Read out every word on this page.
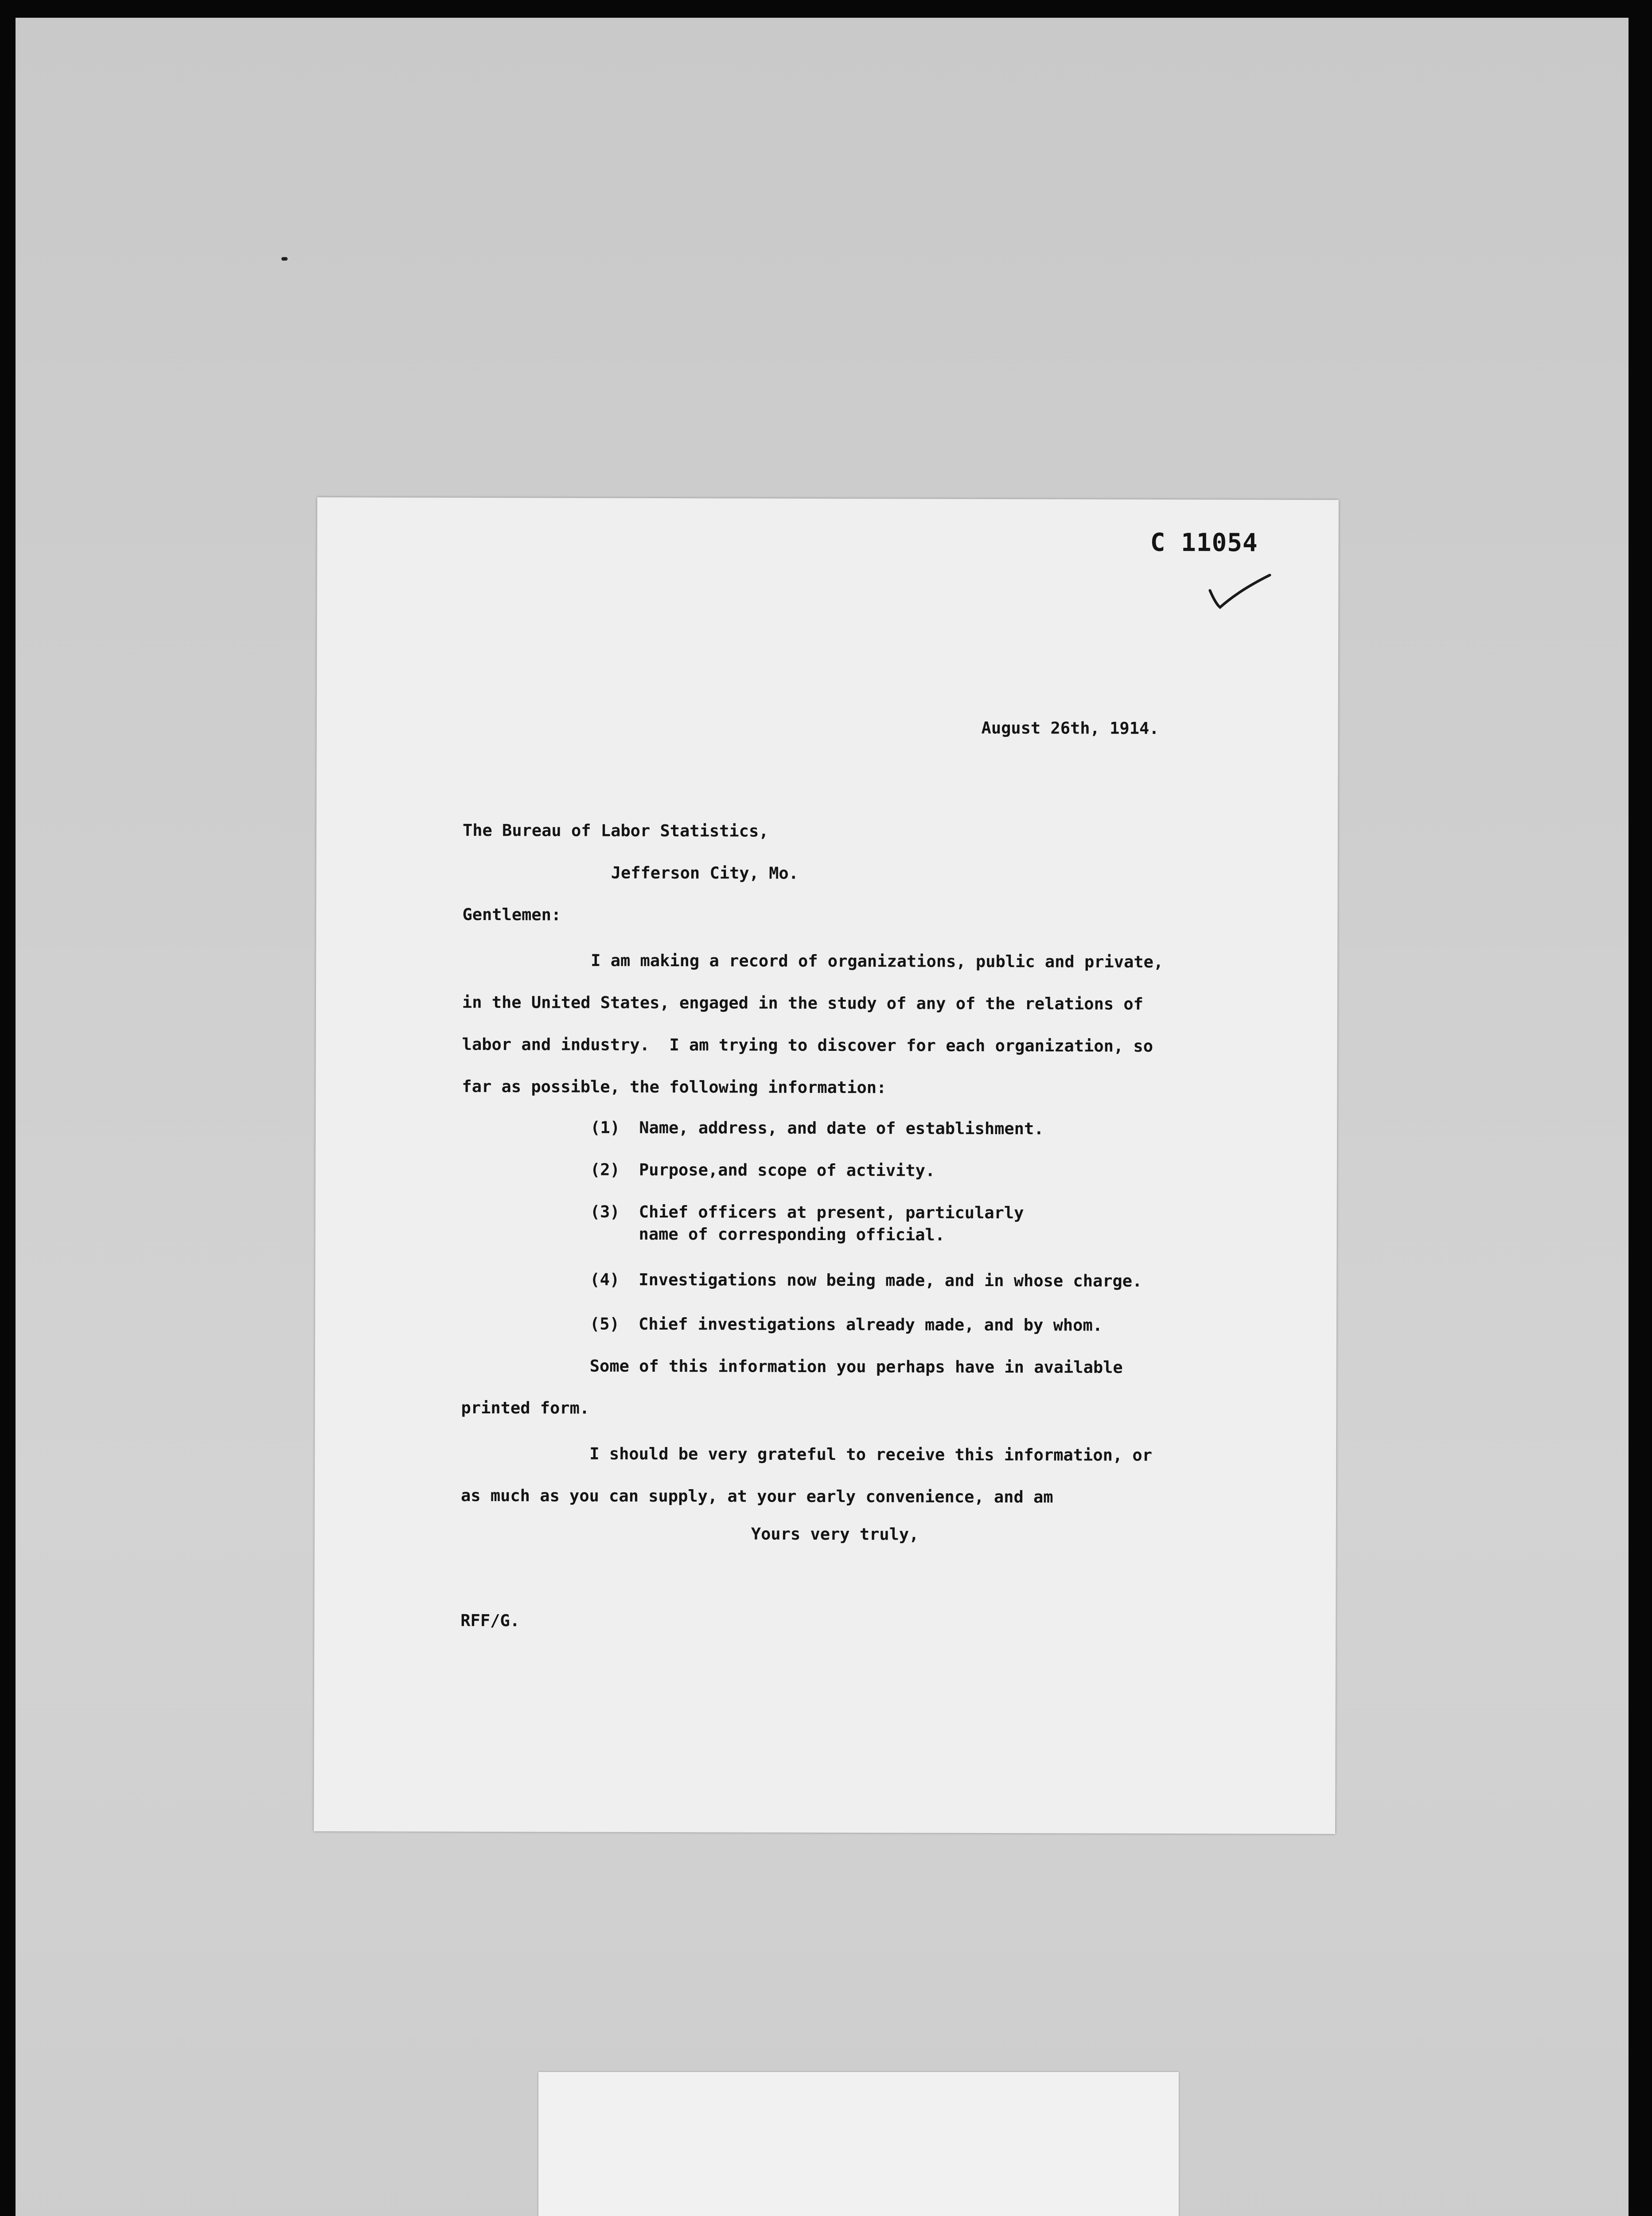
C 11054
August 26th, 1914.
The Bureau of Labor Statistics,
Jefferson City, Mo.
Gentlemen:
I am making a record of organizations, public and private,
in the United States, engaged in the study of any of the relations of
labor and industry.  I am trying to discover for each organization, so
far as possible, the following information:
(1) Name, address, and date of establishment.
(2) Purpose,and scope of activity.
(3) Chief officers at present, particularly
name of corresponding official.
(4) Investigations now being made, and in whose charge.
(5) Chief investigations already made, and by whom.
Some of this information you perhaps have in available
printed form.
I should be very grateful to receive this information, or
as much as you can supply, at your early convenience, and am
Yours very truly,
RFF/G.
